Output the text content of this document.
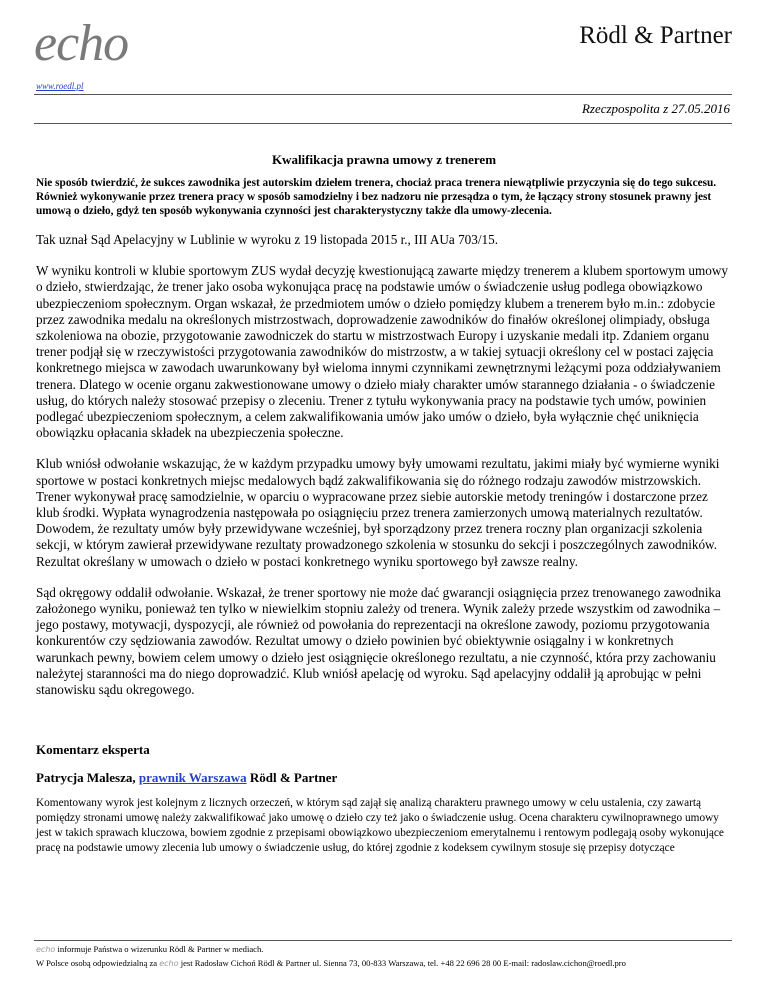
echo	Rödl & Partner
www.roedl.pl
Rzeczpospolita z 27.05.2016
Kwalifikacja prawna umowy z trenerem
Nie sposób twierdzić, że sukces zawodnika jest autorskim dziełem trenera, chociaż praca trenera niewątpliwie przyczynia się do tego sukcesu. Również wykonywanie przez trenera pracy w sposób samodzielny i bez nadzoru nie przesądza o tym, że łączący strony stosunek prawny jest umową o dzieło, gdyż ten sposób wykonywania czynności jest charakterystyczny także dla umowy-zlecenia.
Tak uznał Sąd Apelacyjny w Lublinie w wyroku z 19 listopada 2015 r., III AUa 703/15.
W wyniku kontroli w klubie sportowym ZUS wydał decyzję kwestionującą zawarte między trenerem a klubem sportowym umowy o dzieło, stwierdzając, że trener jako osoba wykonująca pracę na podstawie umów o świadczenie usług podlega obowiązkowo ubezpieczeniom społecznym. Organ wskazał, że przedmiotem umów o dzieło pomiędzy klubem a trenerem było m.in.: zdobycie przez zawodnika medalu na określonych mistrzostwach, doprowadzenie zawodników do finałów określonej olimpiady, obsługa szkoleniowa na obozie, przygotowanie zawodniczek do startu w mistrzostwach Europy i uzyskanie medali itp. Zdaniem organu trener podjął się w rzeczywistości przygotowania zawodników do mistrzostw, a w takiej sytuacji określony cel w postaci zajęcia konkretnego miejsca w zawodach uwarunkowany był wieloma innymi czynnikami zewnętrznymi leżącymi poza oddziaływaniem trenera. Dlatego w ocenie organu zakwestionowane umowy o dzieło miały charakter umów starannego działania - o świadczenie usług, do których należy stosować przepisy o zleceniu. Trener z tytułu wykonywania pracy na podstawie tych umów, powinien podlegać ubezpieczeniom społecznym, a celem zakwalifikowania umów jako umów o dzieło, była wyłącznie chęć uniknięcia obowiązku opłacania składek na ubezpieczenia społeczne.
Klub wniósł odwołanie wskazując, że w każdym przypadku umowy były umowami rezultatu, jakimi miały być wymierne wyniki sportowe w postaci konkretnych miejsc medalowych bądź zakwalifikowania się do różnego rodzaju zawodów mistrzowskich. Trener wykonywał pracę samodzielnie, w oparciu o wypracowane przez siebie autorskie metody treningów i dostarczone przez klub środki. Wypłata wynagrodzenia następowała po osiągnięciu przez trenera zamierzonych umową materialnych rezultatów. Dowodem, że rezultaty umów były przewidywane wcześniej, był sporządzony przez trenera roczny plan organizacji szkolenia sekcji, w którym zawierał przewidywane rezultaty prowadzonego szkolenia w stosunku do sekcji i poszczególnych zawodników. Rezultat określany w umowach o dzieło w postaci konkretnego wyniku sportowego był zawsze realny.
Sąd okręgowy oddalił odwołanie. Wskazał, że trener sportowy nie może dać gwarancji osiągnięcia przez trenowanego zawodnika założonego wyniku, ponieważ ten tylko w niewielkim stopniu zależy od trenera. Wynik zależy przede wszystkim od zawodnika – jego postawy, motywacji, dyspozycji, ale również od powołania do reprezentacji na określone zawody, poziomu przygotowania konkurentów czy sędziowania zawodów. Rezultat umowy o dzieło powinien być obiektywnie osiągalny i w konkretnych warunkach pewny, bowiem celem umowy o dzieło jest osiągnięcie określonego rezultatu, a nie czynność, która przy zachowaniu należytej staranności ma do niego doprowadzić. Klub wniósł apelację od wyroku. Sąd apelacyjny oddalił ją aprobując w pełni stanowisku sądu okregowego.
Komentarz eksperta
Patrycja Malesza, prawnik Warszawa Rödl & Partner
Komentowany wyrok jest kolejnym z licznych orzeczeń, w którym sąd zajął się analizą charakteru prawnego umowy w celu ustalenia, czy zawartą pomiędzy stronami umowę należy zakwalifikować jako umowę o dzieło czy też jako o świadczenie usług. Ocena charakteru cywilnoprawnego umowy jest w takich sprawach kluczowa, bowiem zgodnie z przepisami obowiązkowo ubezpieczeniom emerytalnemu i rentowym podlegają osoby wykonujące pracę na podstawie umowy zlecenia lub umowy o świadczenie usług, do której zgodnie z kodeksem cywilnym stosuje się przepisy dotyczące
echo informuje Państwa o wizerunku Rödl & Partner w mediach.
W Polsce osobą odpowiedzialną za echo jest Radosław Cichoń Rödl & Partner ul. Sienna 73, 00-833 Warszawa, tel. +48 22 696 28 00 E-mail: radoslaw.cichon@roedl.pro
